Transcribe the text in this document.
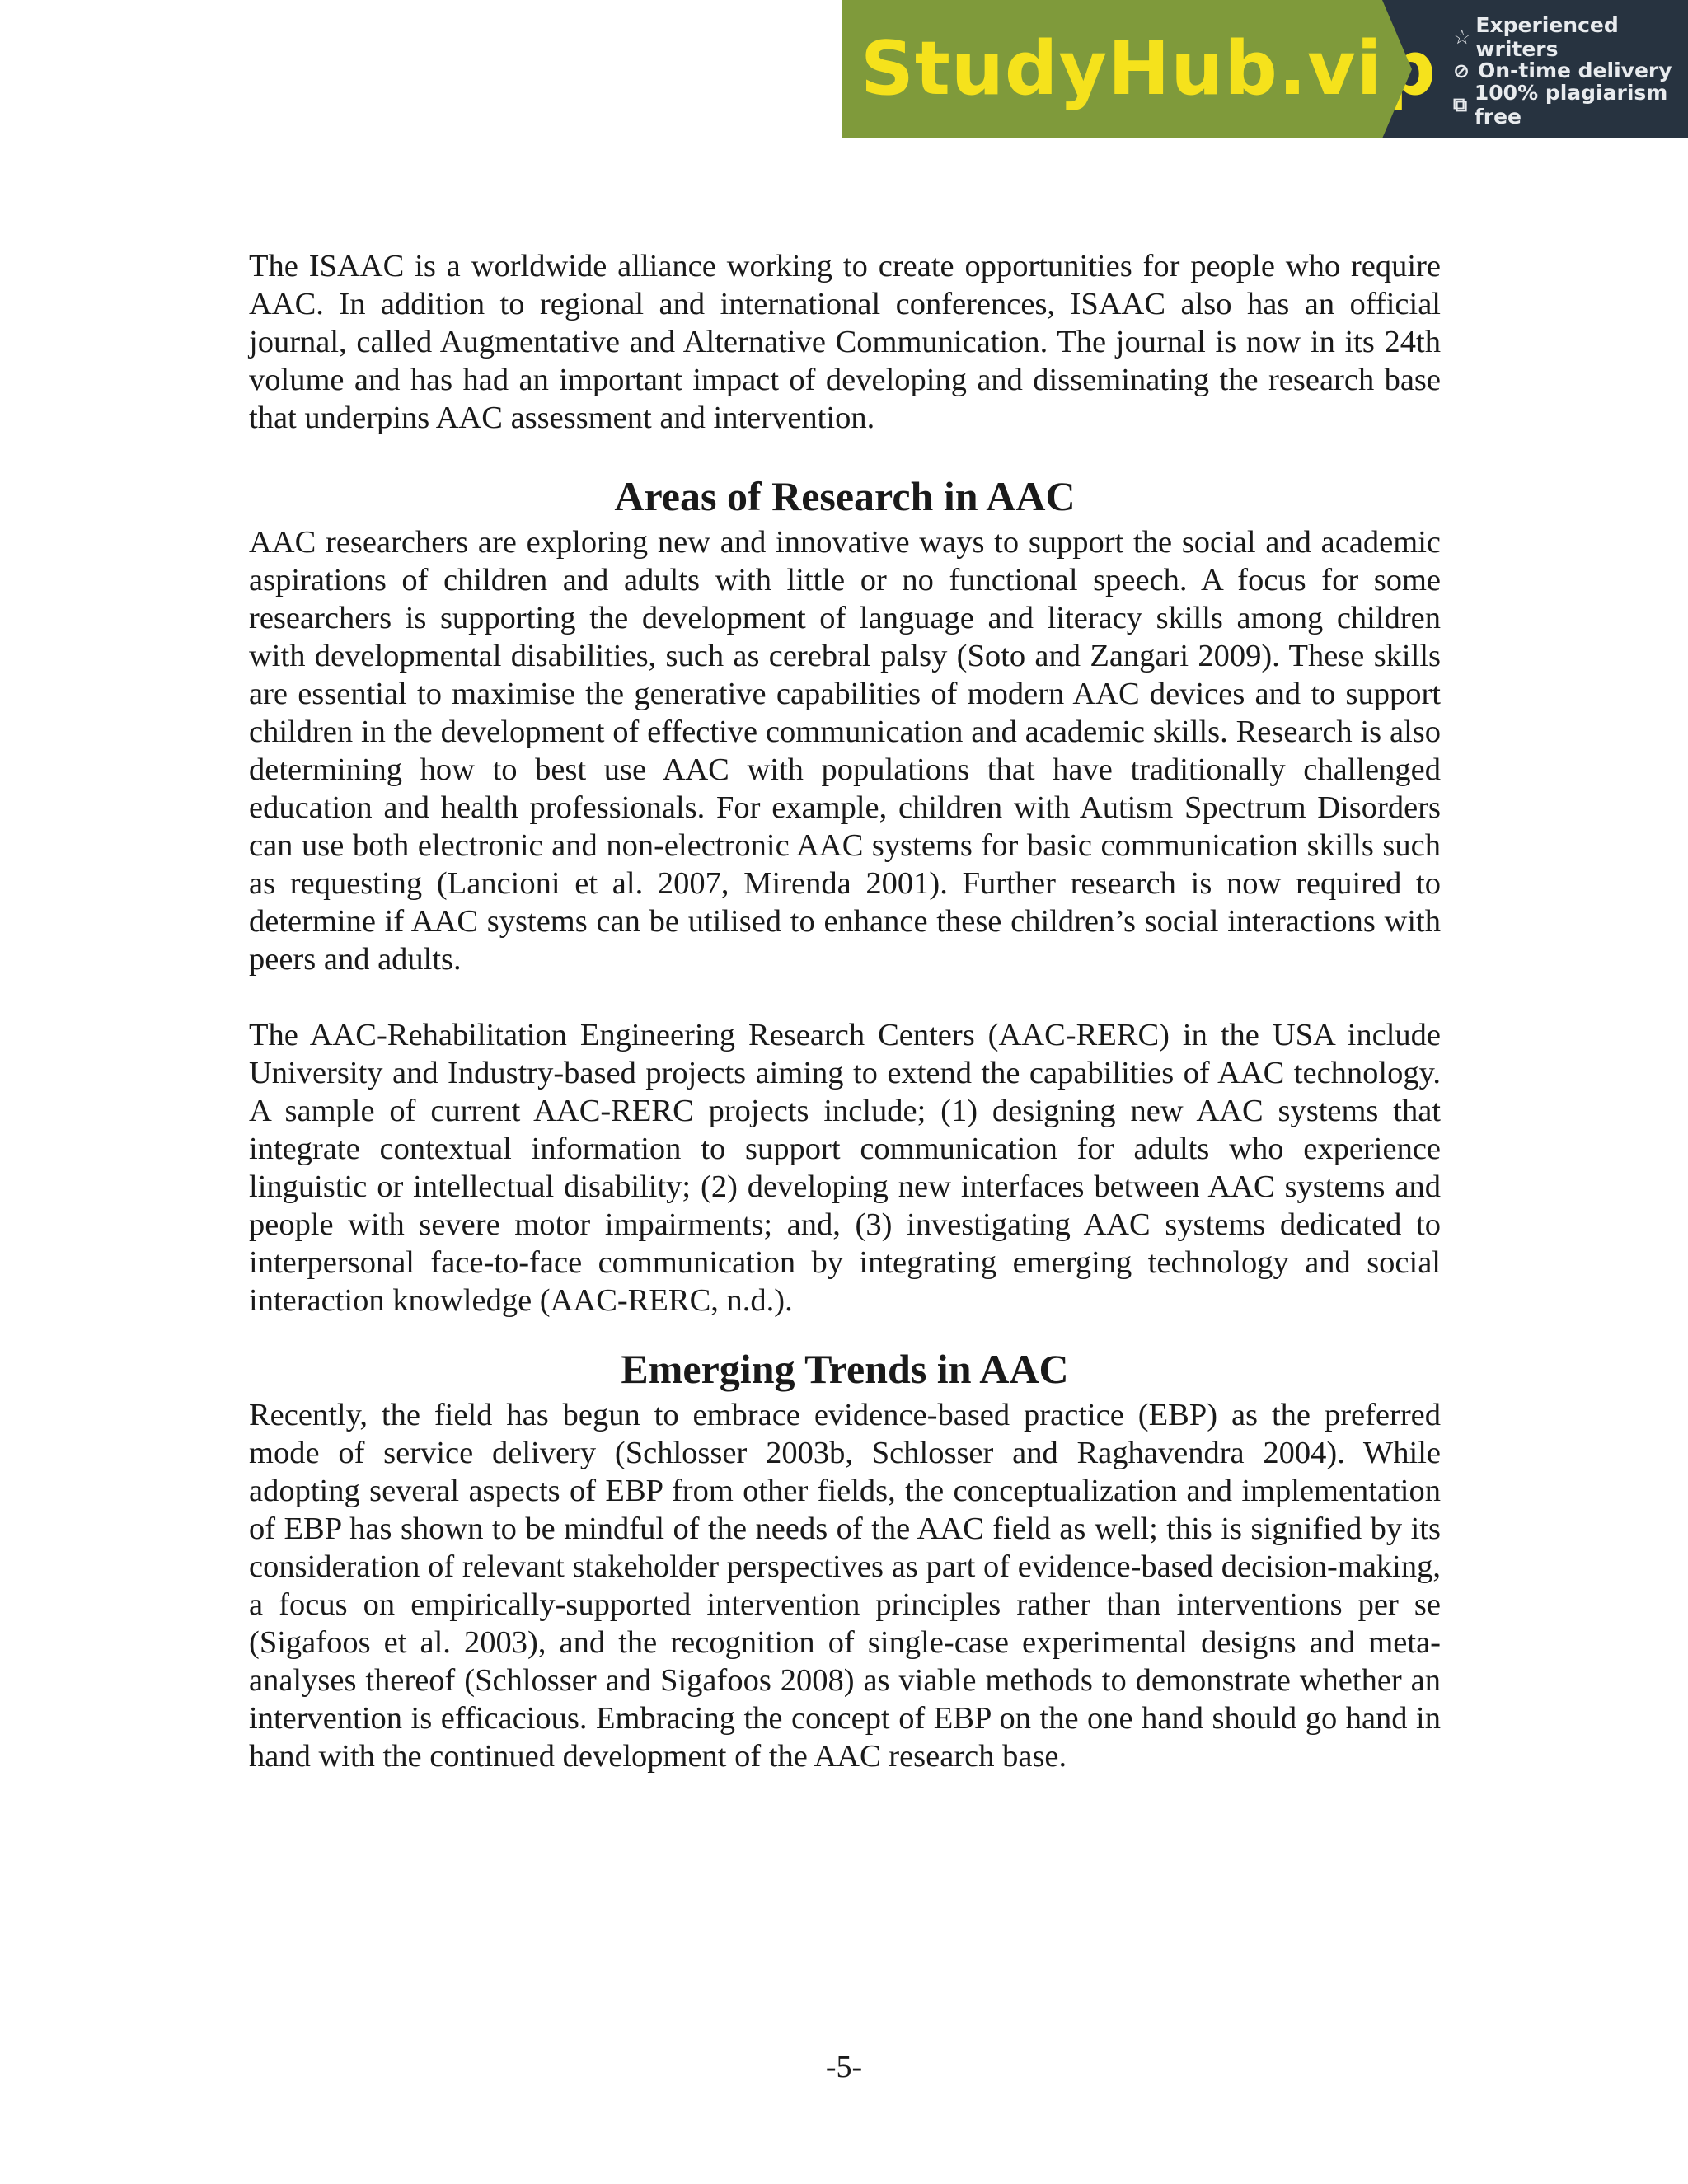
StudyHub.vip ☆ Experienced writers
⊘ On-time delivery
⧉ 100% plagiarism free

The ISAAC is a worldwide alliance working to create opportunities for people who require AAC. In addition to regional and international conferences, ISAAC also has an official journal, called Augmentative and Alternative Communication. The journal is now in its 24th volume and has had an important impact of developing and disseminating the research base that underpins AAC assessment and intervention.

Areas of Research in AAC

AAC researchers are exploring new and innovative ways to support the social and academic aspirations of children and adults with little or no functional speech. A focus for some researchers is supporting the development of language and literacy skills among children with developmental disabilities, such as cerebral palsy (Soto and Zangari 2009). These skills are essential to maximise the generative capabilities of modern AAC devices and to support children in the development of effective communication and academic skills. Research is also determining how to best use AAC with populations that have traditionally challenged education and health professionals. For example, children with Autism Spectrum Disorders can use both electronic and non-electronic AAC systems for basic communication skills such as requesting (Lancioni et al. 2007, Mirenda 2001). Further research is now required to determine if AAC systems can be utilised to enhance these children’s social interactions with peers and adults.

The AAC-Rehabilitation Engineering Research Centers (AAC-RERC) in the USA include University and Industry-based projects aiming to extend the capabilities of AAC technology. A sample of current AAC-RERC projects include; (1) designing new AAC systems that integrate contextual information to support communication for adults who experience linguistic or intellectual disability; (2) developing new interfaces between AAC systems and people with severe motor impairments; and, (3) investigating AAC systems dedicated to interpersonal face-to-face communication by integrating emerging technology and social interaction knowledge (AAC-RERC, n.d.).

Emerging Trends in AAC

Recently, the field has begun to embrace evidence-based practice (EBP) as the preferred mode of service delivery (Schlosser 2003b, Schlosser and Raghavendra 2004). While adopting several aspects of EBP from other fields, the conceptualization and implementation of EBP has shown to be mindful of the needs of the AAC field as well; this is signified by its consideration of relevant stakeholder perspectives as part of evidence-based decision-making, a focus on empirically-supported intervention principles rather than interventions per se (Sigafoos et al. 2003), and the recognition of single-case experimental designs and meta-analyses thereof (Schlosser and Sigafoos 2008) as viable methods to demonstrate whether an intervention is efficacious. Embracing the concept of EBP on the one hand should go hand in hand with the continued development of the AAC research base.

-5-
